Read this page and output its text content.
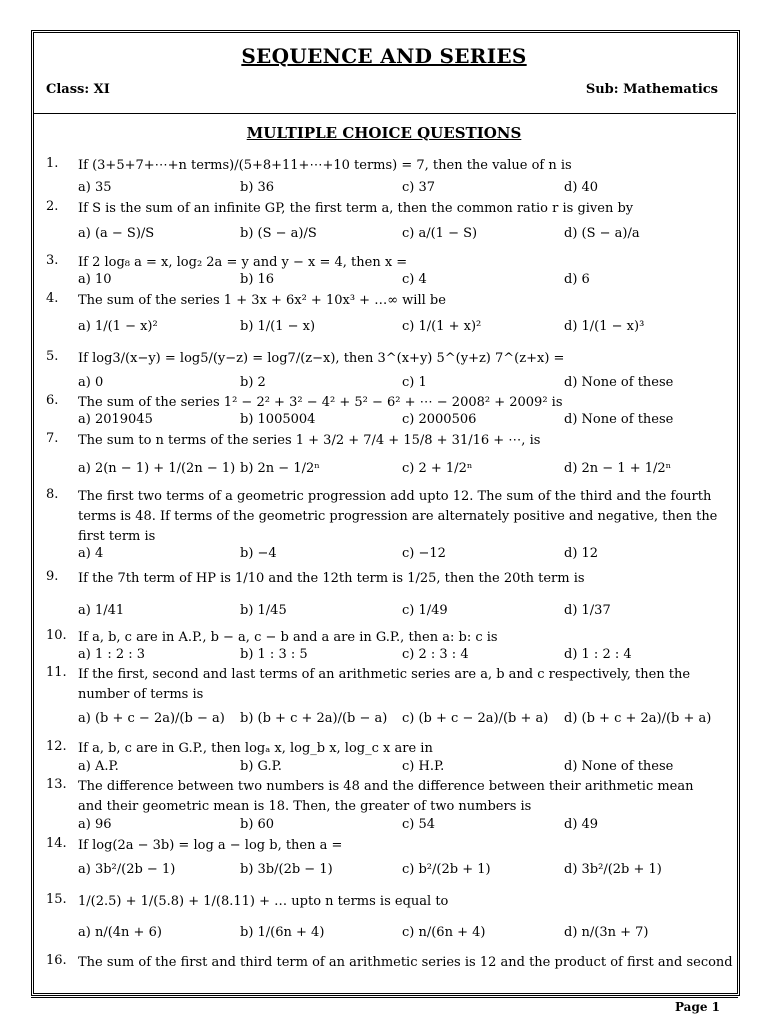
SEQUENCE AND SERIES
Class: XI	Sub: Mathematics
MULTIPLE CHOICE QUESTIONS
1. If (3+5+7+⋯+n terms)/(5+8+11+⋯+10 terms) = 7, then the value of n is
a) 35	b) 36	c) 37	d) 40
2. If S is the sum of an infinite GP, the first term a, then the common ratio r is given by
a) (a − S)/S	b) (S − a)/S	c) a/(1 − S)	d) (S − a)/a
3. If 2 log₈ a = x, log₂ 2a = y and y − x = 4, then x =
a) 10	b) 16	c) 4	d) 6
4. The sum of the series 1 + 3x + 6x² + 10x³ + …∞ will be
a) 1/(1 − x)²	b) 1/(1 − x)	c) 1/(1 + x)²	d) 1/(1 − x)³
5. If log3/(x−y) = log5/(y−z) = log7/(z−x), then 3^(x+y) 5^(y+z) 7^(z+x) =
a) 0	b) 2	c) 1	d) None of these
6. The sum of the series 1² − 2² + 3² − 4² + 5² − 6² + ⋯ − 2008² + 2009² is
a) 2019045	b) 1005004	c) 2000506	d) None of these
7. The sum to n terms of the series 1 + 3/2 + 7/4 + 15/8 + 31/16 + ⋯, is
a) 2(n − 1) + 1/(2n − 1) b) 2n − 1/2ⁿ	c) 2 + 1/2ⁿ	d) 2n − 1 + 1/2ⁿ
8. The first two terms of a geometric progression add upto 12. The sum of the third and the fourth terms is 48. If terms of the geometric progression are alternately positive and negative, then the first term is
a) 4	b) −4	c) −12	d) 12
9. If the 7th term of HP is 1/10 and the 12th term is 1/25, then the 20th term is
a) 1/41	b) 1/45	c) 1/49	d) 1/37
10. If a, b, c are in A.P., b − a, c − b and a are in G.P., then a: b: c is
a) 1 : 2 : 3	b) 1 : 3 : 5	c) 2 : 3 : 4	d) 1 : 2 : 4
11. If the first, second and last terms of an arithmetic series are a, b and c respectively, then the number of terms is
a) (b + c − 2a)/(b − a) b) (b + c + 2a)/(b − a) c) (b + c − 2a)/(b + a) d) (b + c + 2a)/(b + a)
12. If a, b, c are in G.P., then logₐ x, log_b x, log_c x are in
a) A.P.	b) G.P.	c) H.P.	d) None of these
13. The difference between two numbers is 48 and the difference between their arithmetic mean and their geometric mean is 18. Then, the greater of two numbers is
a) 96	b) 60	c) 54	d) 49
14. If log(2a − 3b) = log a − log b, then a =
a) 3b²/(2b − 1)	b) 3b/(2b − 1)	c) b²/(2b + 1)	d) 3b²/(2b + 1)
15. 1/(2.5) + 1/(5.8) + 1/(8.11) + … upto n terms is equal to
a) n/(4n + 6)	b) 1/(6n + 4)	c) n/(6n + 4)	d) n/(3n + 7)
16. The sum of the first and third term of an arithmetic series is 12 and the product of first and second
Page 1
